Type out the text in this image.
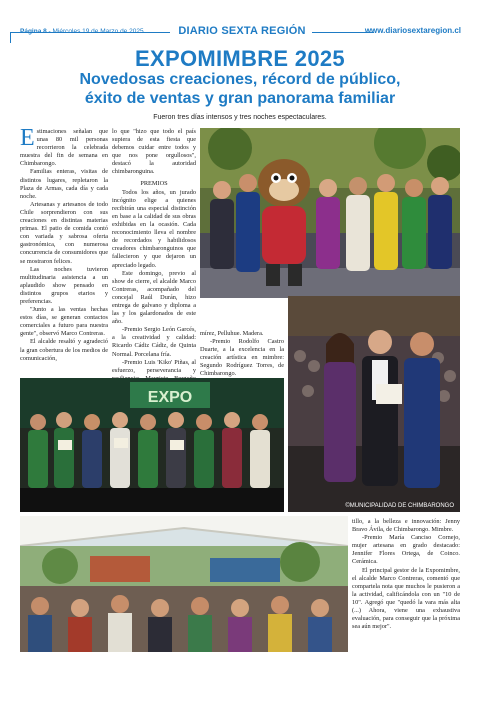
Página 8 - Miércoles 19 de Marzo de 2025	DIARIO SEXTA REGIÓN	www.diariosextaregion.cl
EXPOMIMBRE 2025
Novedosas creaciones, récord de público,
éxito de ventas y gran panorama familiar
Fueron tres días intensos y tres noches espectaculares.

Estimaciones señalan que unas 80 mil personas recorrieron la celebrada muestra del fin de semana en Chimbarongo.

Familias enteras, visitas de distintos lugares, repletaron la Plaza de Armas, cada día y cada noche.

Artesanas y artesanos de todo Chile sorprendieron con sus creaciones en distintas materias primas. El patio de comida contó con variada y sabrosa oferta gastronómica, con numerosa concurrencia de consumidores que se mostraron felices.

Las noches tuvieron multitudinaria asistencia a un aplaudido show pensado en distintos grupos etarios y preferencias.

"Junto a las ventas hechas estos días, se generan contactos comerciales a futuro para nuestra gente", observó Marco Contreras.

El alcalde resaltó y agradeció la gran cobertura de los medios de comunicación,

lo que "hizo que todo el país supiera de esta fiesta que debemos cuidar entre todos y que nos pone orgullosos", destacó la autoridad chimbaronguina.

PREMIOS

Todos los años, un jurado incógnito elige a quienes recibirán una especial distinción en base a la calidad de sus obras exhibidas en la ocasión. Cada reconocimiento lleva el nombre de recordados y habilidosos creadores chimbaronguinos que fallecieron y que dejaron un apreciado legado.

Este domingo, previo al show de cierre, el alcalde Marco Contreras, acompañado del concejal Raúl Durán, hizo entrega de galvano y diploma a las y los galardonados de este año.

-Premio Sergio León Garcés, a la creatividad y calidad: Ricardo Cádiz Cádiz, de Quinta Normal. Porcelana fría.

-Premio Luis 'Kiko' Piñas, al esfuerzo, perseverancia y

mírez, Pelluhue. Madera.

-Premio Rodolfo Castro Duarte, a la excelencia en la creación artística en mimbre: Segundo Rodríguez Torres, de Chimbarongo.

tillo, a la belleza e innovación: Jenny Bravo Ávila, de Chimbarongo. Mimbre.

-Premio María Canciso Cornejo, mujer artesana en grado destacado: Jennifer Flores Ortega, de Coinco. Cerámica.

El principal gestor de la Expomimbre, el alcalde Marco Contreras, comentó que compartela nota que muchos le pusieron a la actividad, calificándola con un "10 de 10". Agregó que "quedó la vara más alta (...) Ahora, viene una exhaustiva evaluación, para conseguir que la próxima sea aún mejor".

©MUNICIPALIDAD DE CHIMBARONGO
EXPO
